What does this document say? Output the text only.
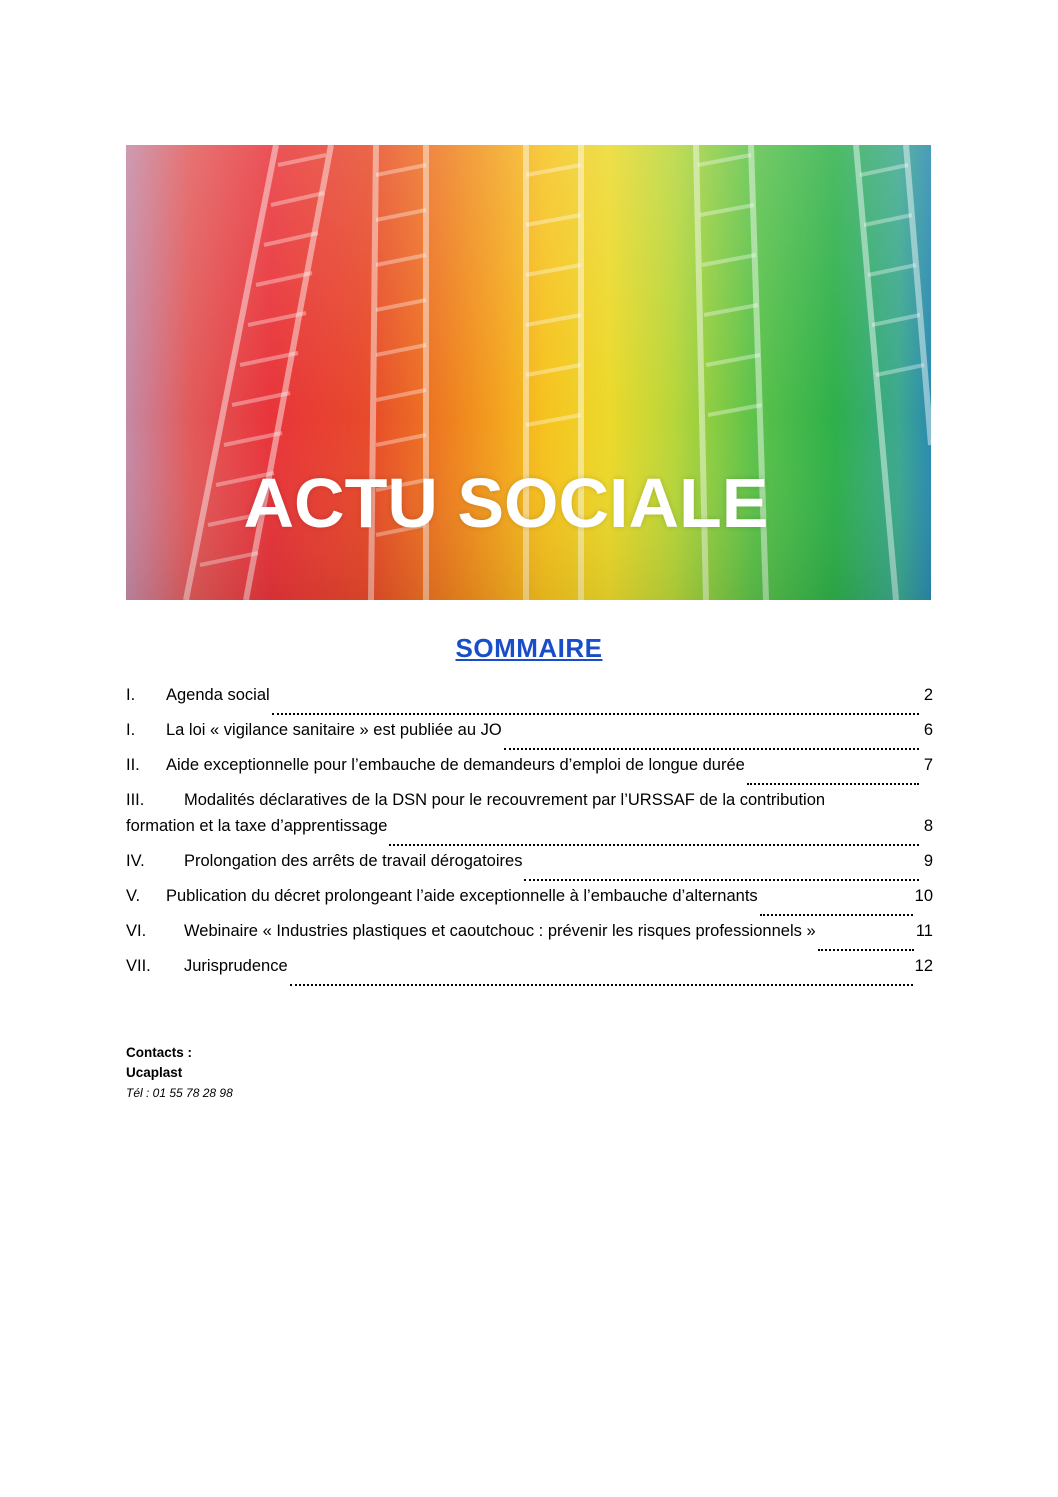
ACTU SOCIALE
SOMMAIRE
I.	Agenda social	2
I.	La loi « vigilance sanitaire » est publiée au JO	6
II.	Aide exceptionnelle pour l’embauche de demandeurs d’emploi de longue durée	7
III.	Modalités déclaratives de la DSN pour le recouvrement par l’URSSAF de la contribution
formation et la taxe d’apprentissage	8
IV.	Prolongation des arrêts de travail dérogatoires	9
V.	Publication du décret prolongeant l’aide exceptionnelle à l’embauche d’alternants	10
VI.	Webinaire « Industries plastiques et caoutchouc : prévenir les risques professionnels »	11
VII.	Jurisprudence	12
Contacts :
Ucaplast
Tél : 01 55 78 28 98
